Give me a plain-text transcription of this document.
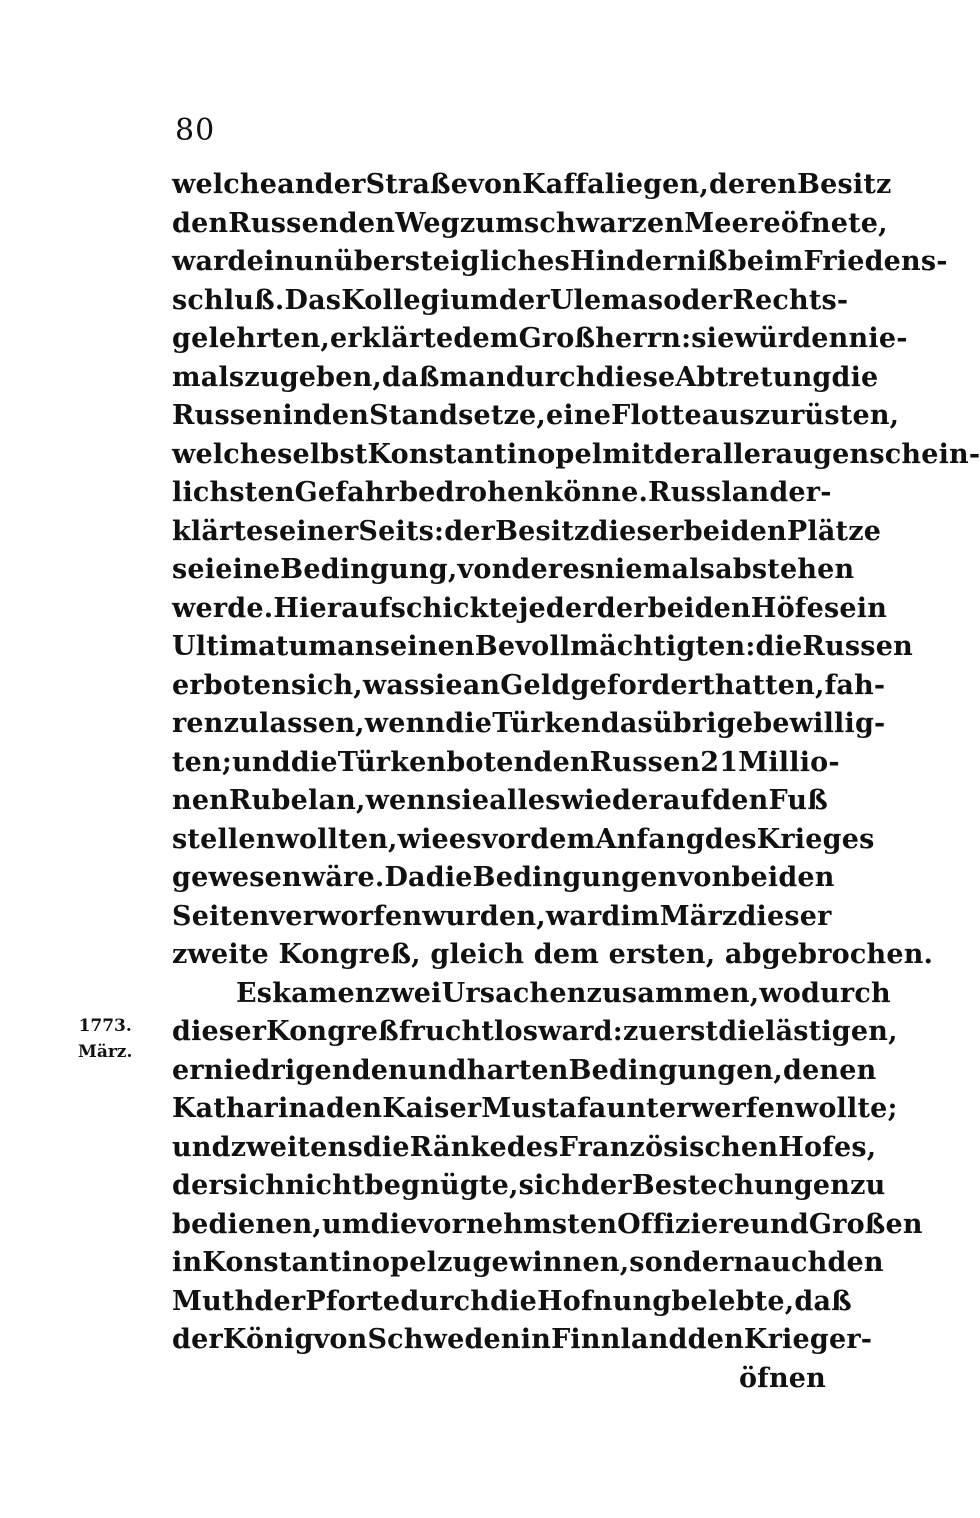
80
1773.
März.
welche an der Straße von Kaffa liegen, deren Besitz
den Russen den Weg zum schwarzen Meere öfnete,
ward ein unübersteigliches Hinderniß beim Friedens-
schluß. Das Kollegium der Ulemas oder Rechts-
gelehrten, erklärte dem Großherrn: sie würden nie-
mals zugeben, daß man durch diese Abtretung die
Russen in den Stand setze, eine Flotte auszurüsten,
welche selbst Konstantinopel mit der alleraugenschein-
lichsten Gefahr bedrohen könne. Russland er-
klärte seiner Seits: der Besitz dieser beiden Plätze
sei eine Bedingung, von der es niemals abstehen
werde. Hierauf schickte jeder der beiden Höfe sein
Ultimatum an seinen Bevollmächtigten: die Russen
erboten sich, was sie an Geld gefordert hatten, fah-
ren zu lassen, wenn die Türken das übrige bewillig-
ten; und die Türken boten den Russen 21 Millio-
nen Rubel an, wenn sie alles wieder auf den Fuß
stellen wollten, wie es vor dem Anfang des Krieges
gewesen wäre. Da die Bedingungen von beiden
Seiten verworfen wurden, ward im März dieser
zweite Kongreß, gleich dem ersten, abgebrochen.
Es kamen zwei Ursachen zusammen, wodurch
dieser Kongreß fruchtlos ward: zuerst die lästigen,
erniedrigenden und harten Bedingungen, denen
Katharina den Kaiser Mustafa unterwerfen wollte;
und zweitens die Ränke des Französischen Hofes,
der sich nicht begnügte, sich der Bestechungen zu
bedienen, um die vornehmsten Offiziere und Großen
in Konstantinopel zu gewinnen, sondern auch den
Muth der Pforte durch die Hofnung belebte, daß
der König von Schweden in Finnland den Krieg er-
öfnen
